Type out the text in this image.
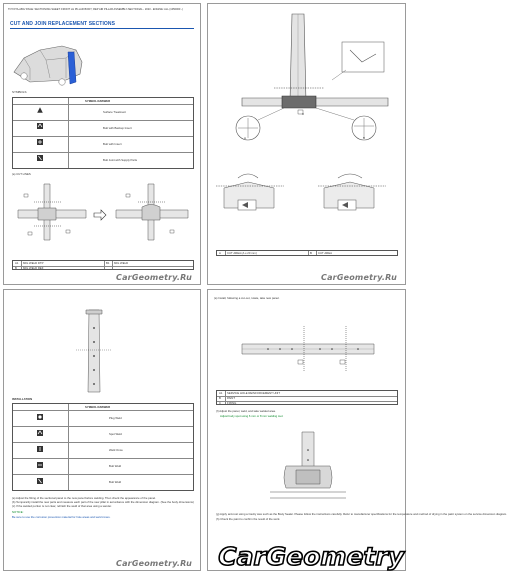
TOYOTA-ABC/ PAGE: SECTIONING SHEET: FRONT LH PILLAR BODY; REP AIR PILLAR ASSEMBLY-SECTIONAL - 2023 - ENGINE: ALL (1050000 -)
CUT AND JOIN REPLACEMENT SECTIONS
SYMBOLS
SYMBOL/ANSWER
Surface Treatment
Butt with Backup Insert
Butt with Insert
Butt Joint with Supply Parts
(a) CUT LINES
A1 MIG WELD DTP	B1 MIG WELD
B MIG WELD REF
CarGeometry.Ru
A	B
C
A CUT AREA (A ≥ 20 mm)	B CUT AREA
CarGeometry.Ru
INSTALLATION
SYMBOL/ANSWER
Plug Weld
Spot Weld
Weld Once
Butt Weld
Butt Weld
(a) Adjust the fitting of the sectional panel to the new panel before welding. Then check the appearance of the panel.
(b) Temporarily install the new parts and measure each part of the new pillar in accordance with the dimension diagram. (See the body dimensions)
(c) If the welded portion is not clear, refinish the weld of that area using a sander.
NOTICE:
Be sure to use the corrosion prevention material for hole areas and weld zones.
CarGeometry.Ru
(a) Install, following a cut-out, rotate, take new panel.
A1 SERVICE HOLE REINFORCEMENT UNIT
B PAINT
C FIXING
(f) Adjust the panel, weld, and take welded area.
Adjust body spot using 6 mm or 8 mm welding tool.
(g) Apply anti-rust using a Cavity wax such as the Body Sealer. Please follow the instructions carefully. Refer to manufacturer specifications for the temperature and method of drying in the paint system on the service dimension diagram.
(h) Check the paint to confirm the result of the work.
CarGeometry
